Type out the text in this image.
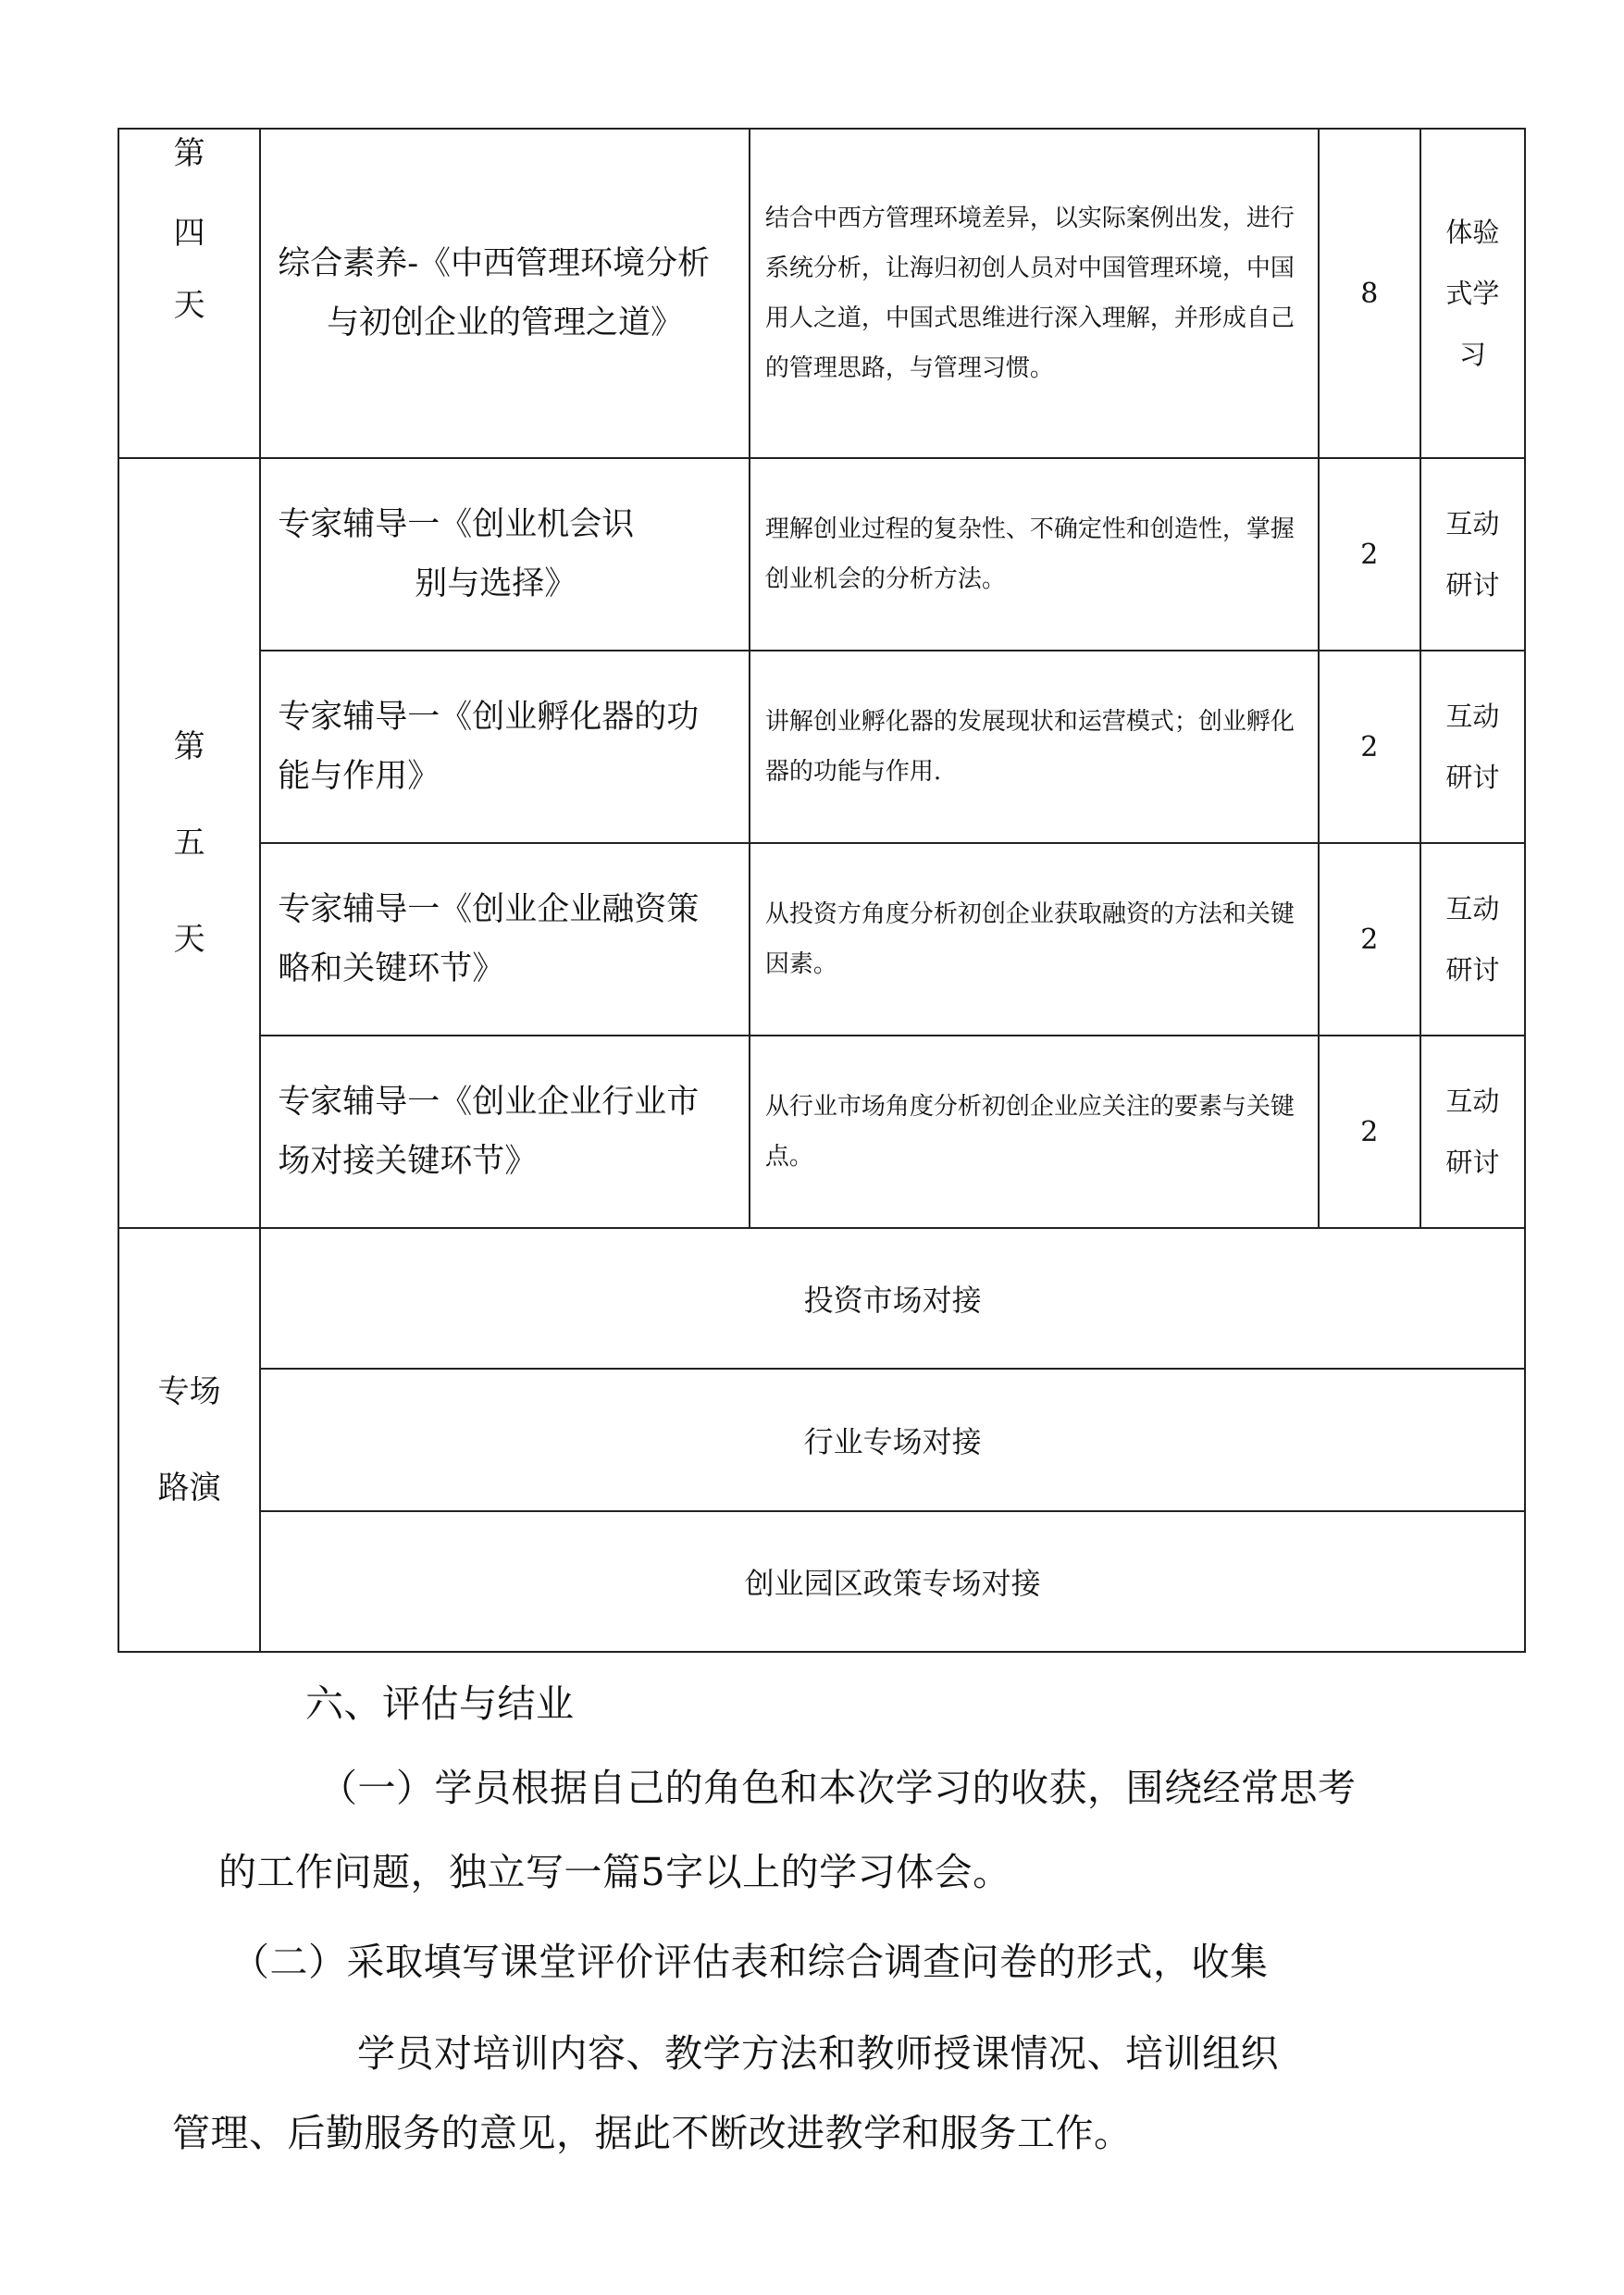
第
四
天	综合素养-《中西管理环境分析
与初创企业的管理之道》	结合中西方管理环境差异，以实际案例出发，进行系统分析，让海归初创人员对中国管理环境，中国用人之道，中国式思维进行深入理解，并形成自己的管理思路，与管理习惯。	8	体验
式学
习

第
五
天	专家辅导一《创业机会识
别与选择》	理解创业过程的复杂性、不确定性和创造性，掌握创业机会的分析方法。	2	互动
研讨

	专家辅导一《创业孵化器的功
能与作用》	讲解创业孵化器的发展现状和运营模式；创业孵化器的功能与作用.	2	互动
研讨

	专家辅导一《创业企业融资策
略和关键环节》	从投资方角度分析初创企业获取融资的方法和关键因素。	2	互动
研讨

	专家辅导一《创业企业行业市
场对接关键环节》	从行业市场角度分析初创企业应关注的要素与关键点。	2	互动
研讨

专场
路演	投资市场对接			
	行业专场对接			
	创业园区政策专场对接			
六、评估与结业
（一）学员根据自己的角色和本次学习的收获，围绕经常思考
的工作问题，独立写一篇5字以上的学习体会。
（二）采取填写课堂评价评估表和综合调查问卷的形式，收集
学员对培训内容、教学方法和教师授课情况、培训组织
管理、后勤服务的意见，据此不断改进教学和服务工作。
